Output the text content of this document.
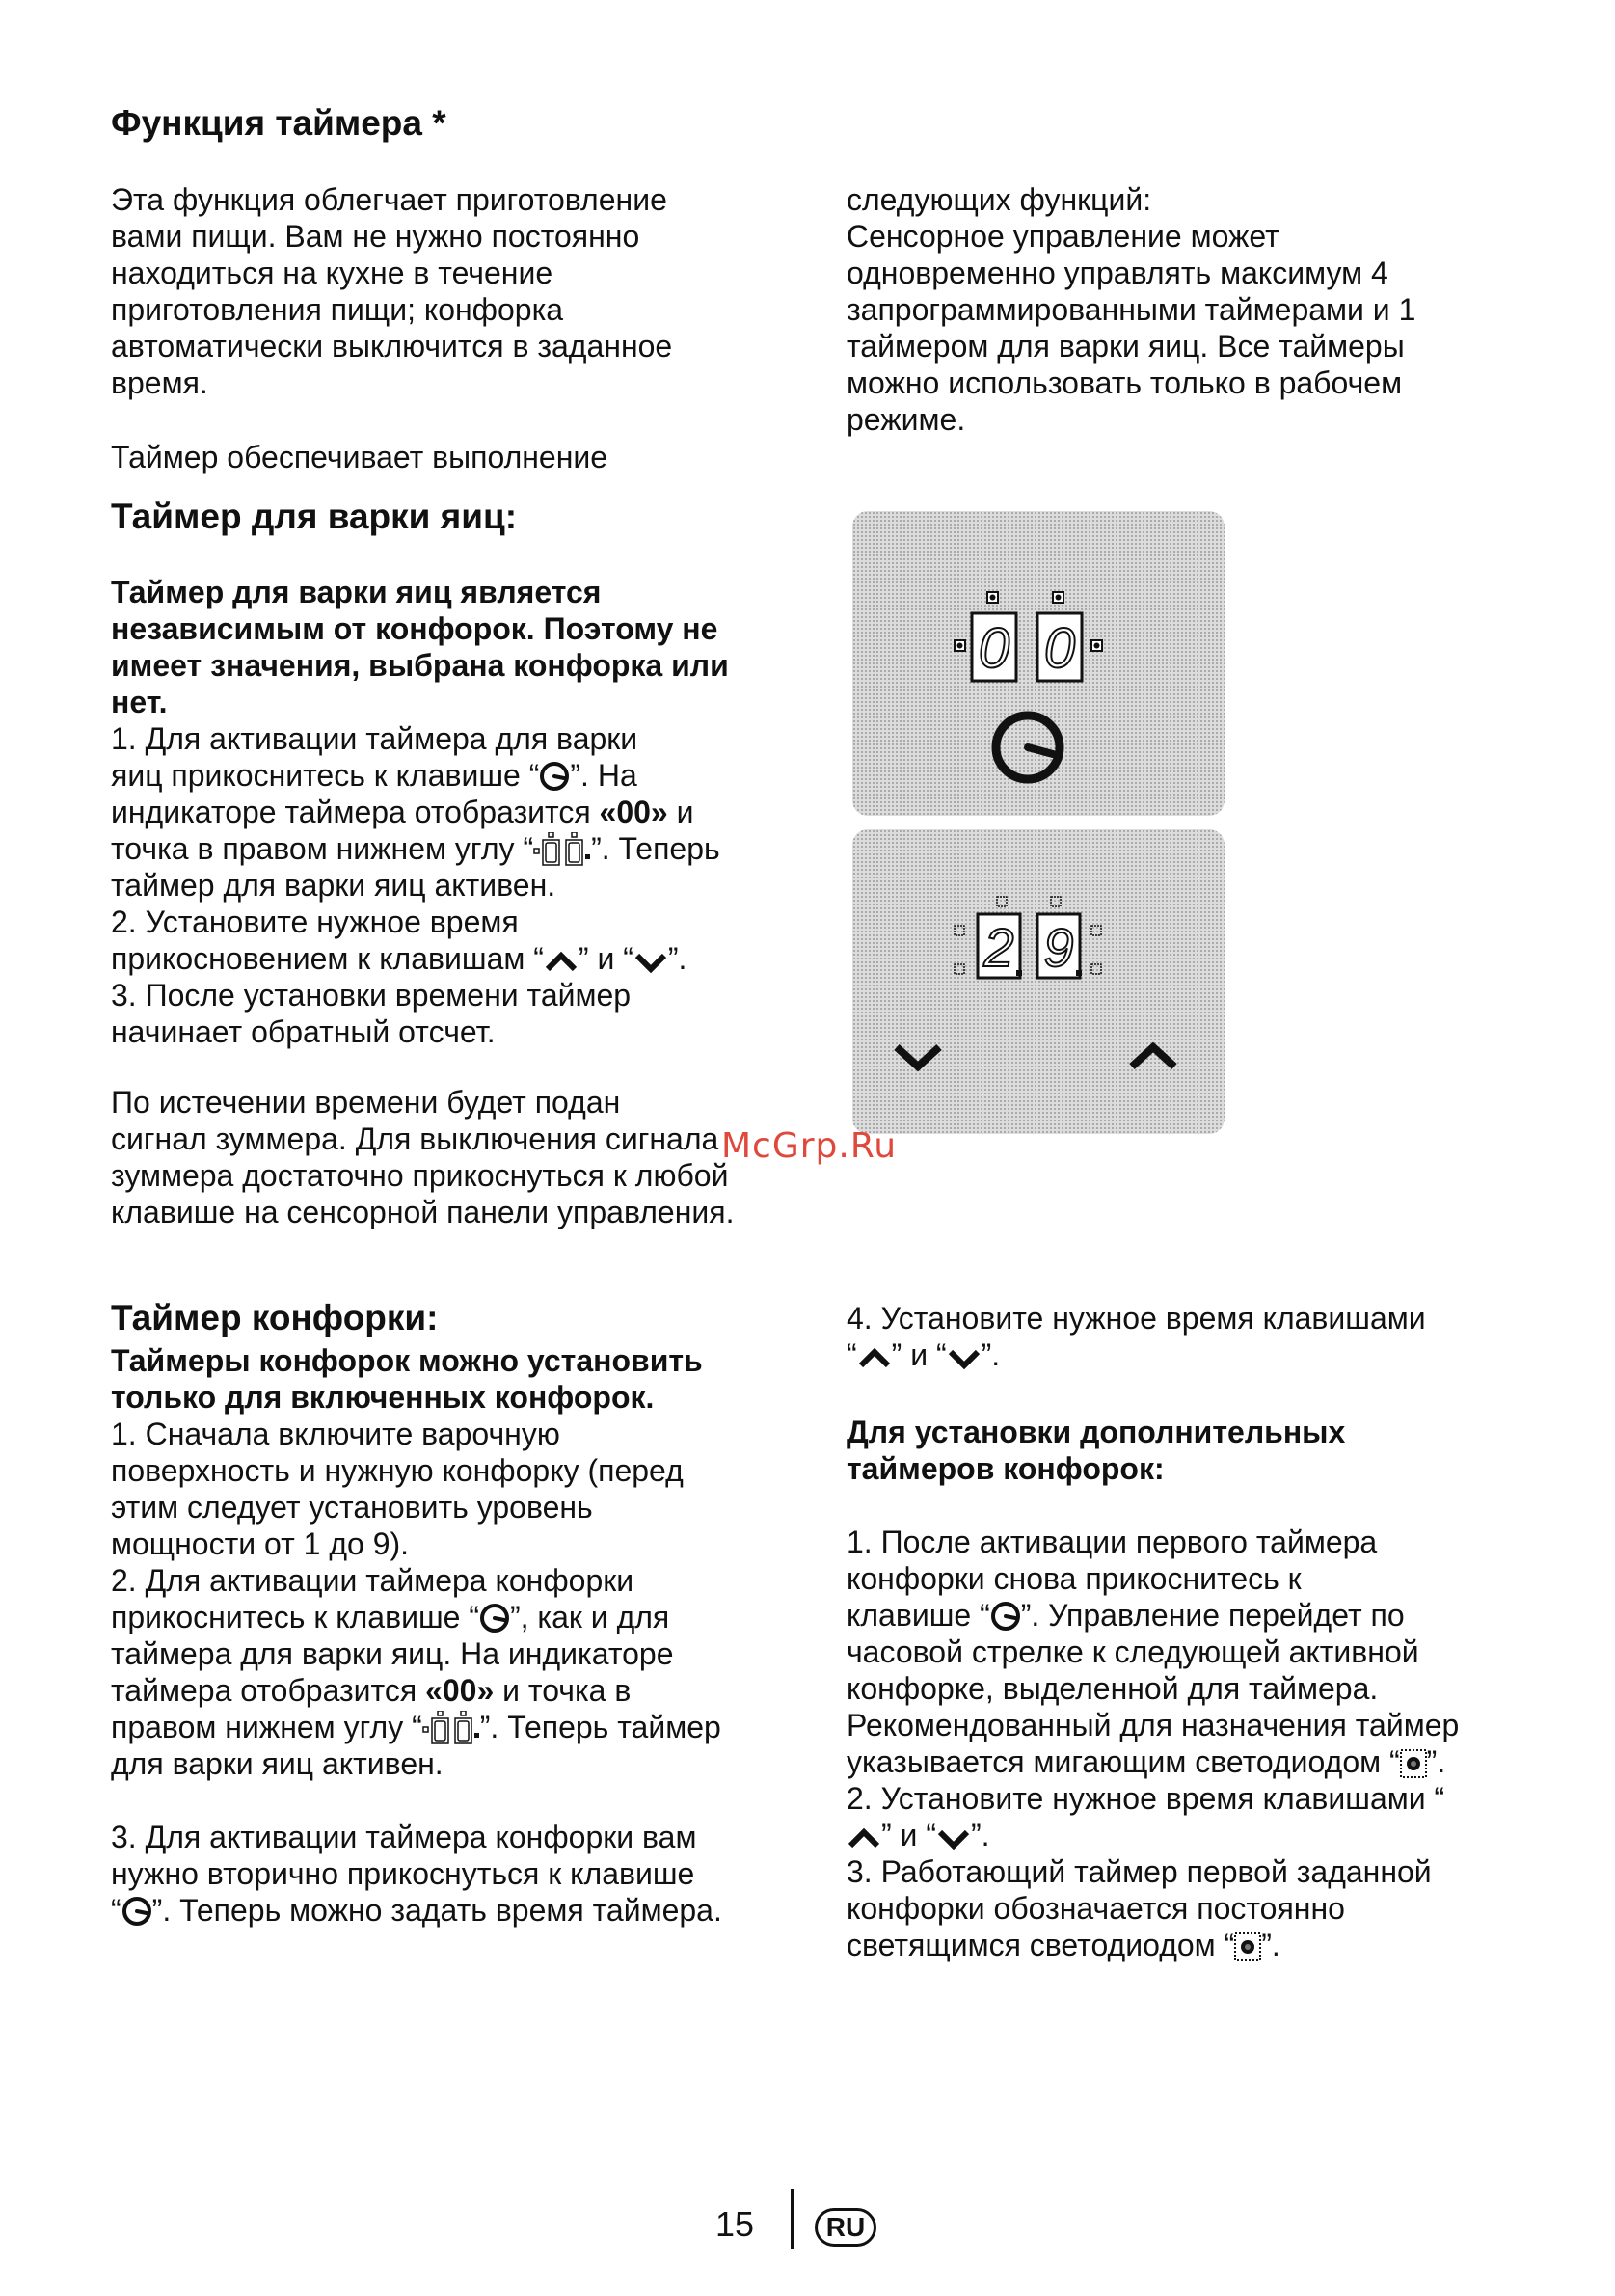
Функция таймера *
Эта функция облегчает приготовление
вами пищи. Вам не нужно постоянно
находиться на кухне в течение
приготовления пищи; конфорка
автоматически выключится в заданное
время.
Таймер обеспечивает выполнение
следующих функций:
Сенсорное управление может
одновременно управлять максимум 4
запрограммированными таймерами и 1
таймером для варки яиц. Все таймеры
можно использовать только в рабочем
режиме.
Таймер для варки яиц:
Таймер для варки яиц является
независимым от конфорок. Поэтому не
имеет значения, выбрана конфорка или
нет.
1. Для активации таймера для варки
яиц прикоснитесь к клавише “ ”. На
индикаторе таймера отобразится «00» и
точка в правом нижнем углу “ ”. Теперь
таймер для варки яиц активен.
2. Установите нужное время
прикосновением к клавишам “ ” и “ ”.
3. После установки времени таймер
начинает обратный отсчет.
По истечении времени будет подан
сигнал зуммера. Для выключения сигнала
зуммера достаточно прикоснуться к любой
клавише на сенсорной панели управления.
0 0
2 9
McGrp.Ru
Таймер конфорки:
Таймеры конфорок можно установить
только для включенных конфорок.
1. Сначала включите варочную
поверхность и нужную конфорку (перед
этим следует установить уровень
мощности от 1 до 9).
2. Для активации таймера конфорки
прикоснитесь к клавише “ ”, как и для
таймера для варки яиц. На индикаторе
таймера отобразится «00» и точка в
правом нижнем углу “ ”. Теперь таймер
для варки яиц активен.
3. Для активации таймера конфорки вам
нужно вторично прикоснуться к клавише
“ ”. Теперь можно задать время таймера.
4. Установите нужное время клавишами
“ ” и “ ”.
Для установки дополнительных
таймеров конфорок:
1. После активации первого таймера
конфорки снова прикоснитесь к
клавише “ ”. Управление перейдет по
часовой стрелке к следующей активной
конфорке, выделенной для таймера.
Рекомендованный для назначения таймер
указывается мигающим светодиодом “ ”.
2. Установите нужное время клавишами “
” и “ ”.
3. Работающий таймер первой заданной
конфорки обозначается постоянно
светящимся светодиодом “ ”.
15	RU
